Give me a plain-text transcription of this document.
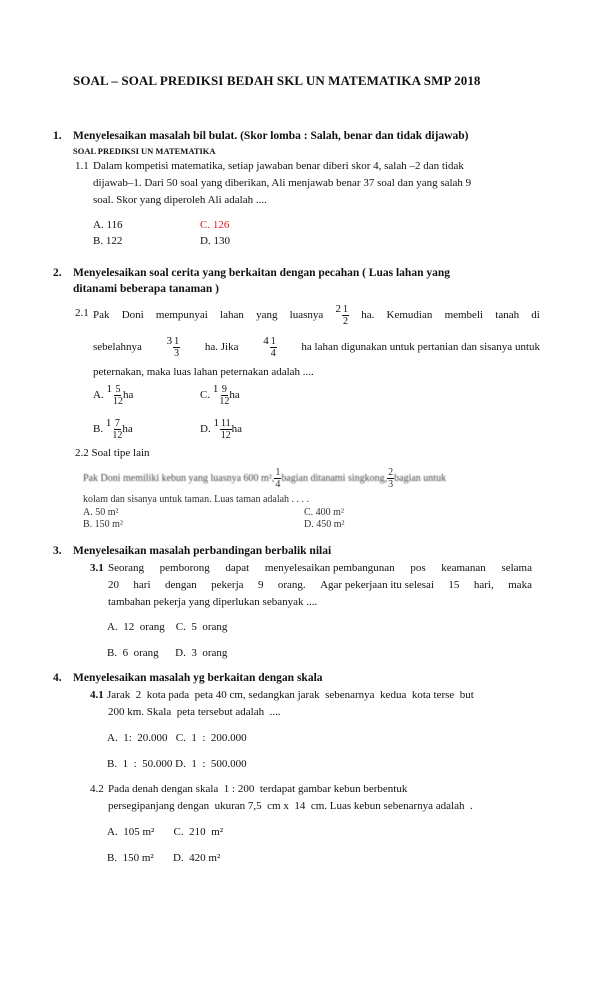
SOAL – SOAL PREDIKSI BEDAH SKL UN MATEMATIKA SMP 2018
1. Menyelesaikan masalah bil bulat. (Skor lomba : Salah, benar dan tidak dijawab)
SOAL PREDIKSI UN MATEMATIKA
1.1 Dalam kompetisi matematika, setiap jawaban benar diberi skor 4, salah –2 dan tidak
dijawab–1. Dari 50 soal yang diberikan, Ali menjawab benar 37 soal dan yang salah 9
soal. Skor yang diperoleh Ali adalah ....
A. 116	C. 126
B. 122	D. 130
2. Menyelesaikan soal cerita yang berkaitan dengan pecahan ( Luas lahan yang
ditanami beberapa tanaman )
2.1 Pak Doni mempunyai lahan yang luasnya 2 1
2
ha. Kemudian membeli tanah di
sebelahnya 3 1
3
ha. Jika 4 1
4
ha lahan digunakan untuk pertanian dan sisanya untuk
peternakan, maka luas lahan peternakan adalah ....
A.
1 5
12
ha	C.
1 9
12
ha
B.
1 7
12
ha	D.
1 11
12
ha
2.2 Soal tipe lain
Pak Doni memiliki kebun yang luasnya 600 m²,
1
4
bagian ditanami singkong,
2
3
bagian untuk
kolam dan sisanya untuk taman. Luas taman adalah . . . .
A. 50 m²	C. 400 m²
B. 150 m²	D. 450 m²
3. Menyelesaikan masalah perbandingan berbalik nilai
3.1 Seorang pemborong dapat menyelesaikan pembangunan pos keamanan selama
20 hari dengan pekerja 9 orang. Agar pekerjaan itu selesai 15 hari, maka
tambahan pekerja yang diperlukan sebanyak ....
A.  12  orang    C.  5  orang
B.  6  orang      D.  3  orang
4. Menyelesaikan masalah yg berkaitan dengan skala
4.1 Jarak  2  kota pada  peta 40 cm, sedangkan jarak  sebenarnya  kedua  kota terse  but
200 km. Skala  peta tersebut adalah  ....
A.  1:  20.000   C.  1  :  200.000
B.  1  :  50.000 D.  1  :  500.000
4.2 Pada denah dengan skala  1 : 200  terdapat gambar kebun berbentuk
persegipanjang dengan  ukuran 7,5  cm x  14  cm. Luas kebun sebenarnya adalah  .
A.  105 m²       C.  210  m²
B.  150 m²       D.  420 m²
